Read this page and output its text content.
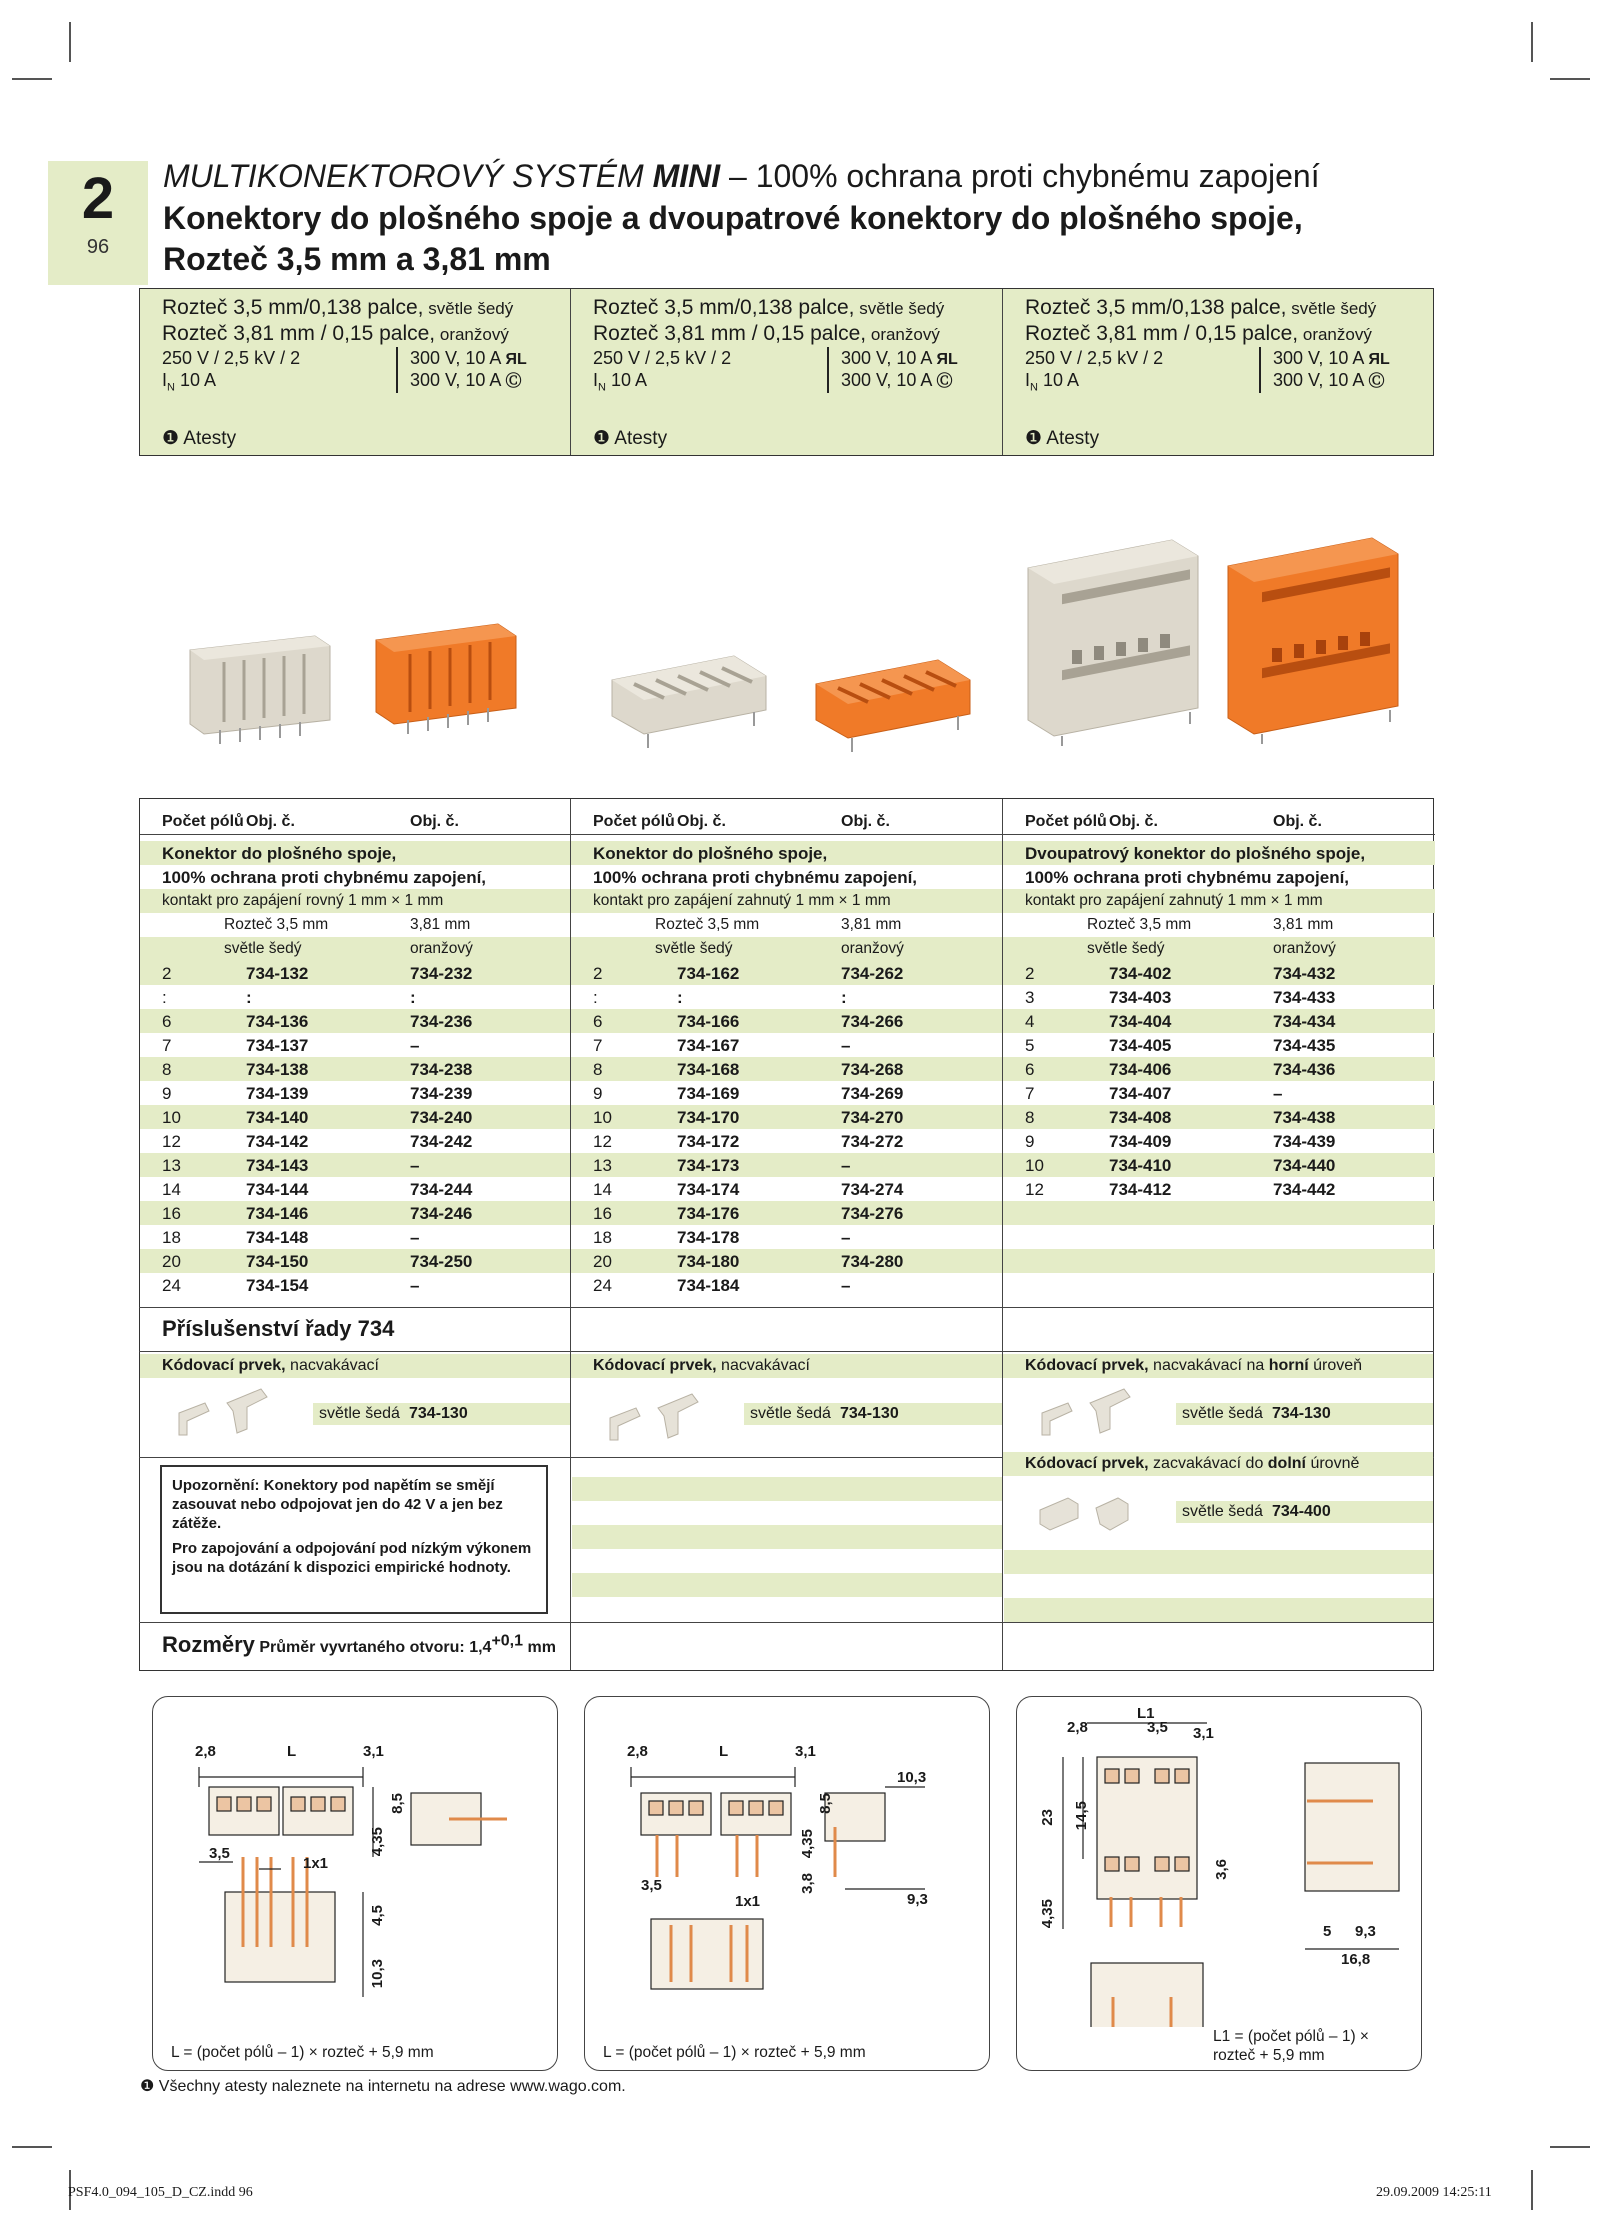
2
96
MULTIKONEKTOROVÝ SYSTÉM MINI – 100% ochrana proti chybnému zapojení
Konektory do plošného spoje a dvoupatrové konektory do plošného spoje,
Rozteč 3,5 mm a 3,81 mm
Rozteč 3,5 mm/0,138 palce, světle šedý
Rozteč 3,81 mm / 0,15 palce, oranžový
250 V / 2,5 kV / 2	300 V, 10 A ЯL
$I_N$ 10 A	300 V, 10 A Ⓒ
❶ Atesty
Rozteč 3,5 mm/0,138 palce, světle šedý
Rozteč 3,81 mm / 0,15 palce, oranžový
250 V / 2,5 kV / 2	300 V, 10 A ЯL
$I_N$ 10 A	300 V, 10 A Ⓒ
❶ Atesty
Rozteč 3,5 mm/0,138 palce, světle šedý
Rozteč 3,81 mm / 0,15 palce, oranžový
250 V / 2,5 kV / 2	300 V, 10 A ЯL
$I_N$ 10 A	300 V, 10 A Ⓒ
❶ Atesty
Počet pólů Obj. č.	Obj. č.
Konektor do plošného spoje,
100% ochrana proti chybnému zapojení,
kontakt pro zapájení rovný 1 mm × 1 mm
Rozteč 3,5 mm	3,81 mm
světle šedý	oranžový
2	734-132	734-232
:	:	:
6	734-136	734-236
7	734-137	–
8	734-138	734-238
9	734-139	734-239
10	734-140	734-240
12	734-142	734-242
13	734-143	–
14	734-144	734-244
16	734-146	734-246
18	734-148	–
20	734-150	734-250
24	734-154	–
Počet pólů Obj. č.	Obj. č.
Konektor do plošného spoje,
100% ochrana proti chybnému zapojení,
kontakt pro zapájení zahnutý 1 mm × 1 mm
Rozteč 3,5 mm	3,81 mm
světle šedý	oranžový
2	734-162	734-262
:	:	:
6	734-166	734-266
7	734-167	–
8	734-168	734-268
9	734-169	734-269
10	734-170	734-270
12	734-172	734-272
13	734-173	–
14	734-174	734-274
16	734-176	734-276
18	734-178	–
20	734-180	734-280
24	734-184	–
Počet pólů Obj. č.	Obj. č.
Dvoupatrový konektor do plošného spoje,
100% ochrana proti chybnému zapojení,
kontakt pro zapájení zahnutý 1 mm × 1 mm
Rozteč 3,5 mm	3,81 mm
světle šedý	oranžový
2	734-402	734-432
3	734-403	734-433
4	734-404	734-434
5	734-405	734-435
6	734-406	734-436
7	734-407	–
8	734-408	734-438
9	734-409	734-439
10	734-410	734-440
12	734-412	734-442
Příslušenství řady 734
Kódovací prvek, nacvakávací	Kódovací prvek, nacvakávací	Kódovací prvek, nacvakávací na horní úroveň
světle šedá 734-130	světle šedá 734-130	světle šedá 734-130
Kódovací prvek, zacvakávací do dolní úrovně
světle šedá 734-400

Upozornění: Konektory pod napětím se smějí zasouvat nebo odpojovat jen do 42 V a jen bez zátěže.

Pro zapojování a odpojování pod nízkým výkonem jsou na dotázání k dispozici empirické hodnoty.

Rozměry Průměr vyvrtaného otvoru: $1,4^{+0,1}$ mm
2,8	L	3,1
8,5
4,35
3,5
1x1
4,5
10,3
L = (počet pólů – 1) × rozteč + 5,9 mm
2,8	L	3,1
10,3
8,5
4,35
3,8
3,5
1x1	9,3
L = (počet pólů – 1) × rozteč + 5,9 mm
L1
2,8	3,5 3,1
23 14,5
3,6
4,35
5 9,3
16,8
L1 = (počet pólů – 1) ×
rozteč + 5,9 mm
❶ Všechny atesty naleznete na internetu na adrese www.wago.com.
PSF4.0_094_105_D_CZ.indd 96	29.09.2009 14:25:11
